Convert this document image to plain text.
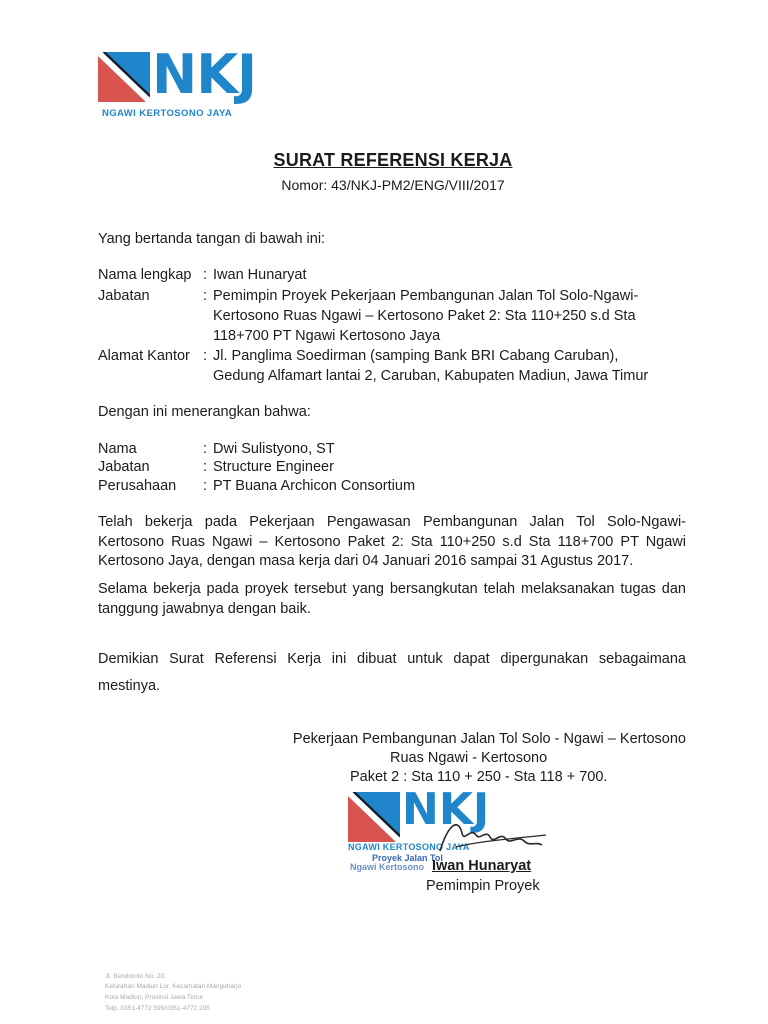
NKJ
NGAWI KERTOSONO JAYA
SURAT REFERENSI KERJA
Nomor: 43/NKJ-PM2/ENG/VIII/2017
Yang bertanda tangan di bawah ini:
Nama lengkap : Iwan Hunaryat
Jabatan	: Pemimpin Proyek Pekerjaan Pembangunan Jalan Tol Solo-Ngawi-
Kertosono Ruas Ngawi – Kertosono Paket 2: Sta 110+250 s.d Sta
118+700 PT Ngawi Kertosono Jaya
Alamat Kantor : Jl. Panglima Soedirman (samping Bank BRI Cabang Caruban),
Gedung Alfamart lantai 2, Caruban, Kabupaten Madiun, Jawa Timur
Dengan ini menerangkan bahwa:
Nama	: Dwi Sulistyono, ST
Jabatan	: Structure Engineer
Perusahaan : PT Buana Archicon Consortium
Telah bekerja pada Pekerjaan Pengawasan Pembangunan Jalan Tol Solo-Ngawi-Kertosono Ruas Ngawi – Kertosono Paket 2: Sta 110+250 s.d Sta 118+700 PT Ngawi Kertosono Jaya, dengan masa kerja dari 04 Januari 2016 sampai 31 Agustus 2017.
Selama bekerja pada proyek tersebut yang bersangkutan telah melaksanakan tugas dan tanggung jawabnya dengan baik.
Demikian Surat Referensi Kerja ini dibuat untuk dapat dipergunakan sebagaimana mestinya.
Pekerjaan Pembangunan Jalan Tol Solo - Ngawi – Kertosono
Ruas Ngawi - Kertosono
Paket 2 : Sta 110 + 250 - Sta 118 + 700.
NKJ
NGAWI KERTOSONO JAYA
Proyek Jalan Tol
Ngawi Kertosono Iwan Hunaryat
Pemimpin Proyek
Jl. Bendoroto No. 20,
Kelurahan Madiun Lor, Kecamatan Manguharjo
Kota Madiun, Provinsi Jawa Timur
Telp. 0351-4772 595/0351-4772 205
